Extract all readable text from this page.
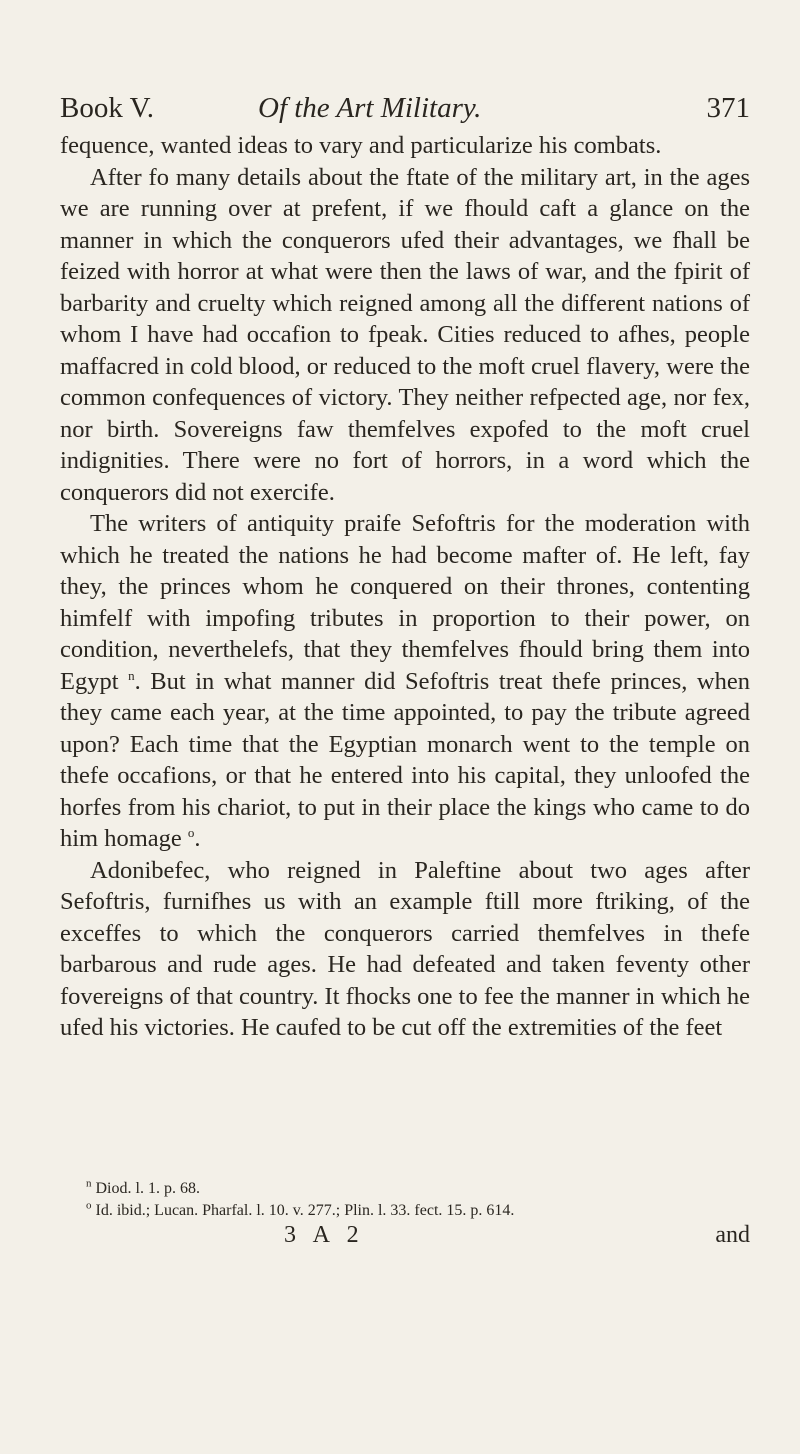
Book V.	Of the Art Military.	371

fequence, wanted ideas to vary and particularize his combats.

After fo many details about the ftate of the military art, in the ages we are running over at prefent, if we fhould caft a glance on the manner in which the conquerors ufed their advantages, we fhall be feized with horror at what were then the laws of war, and the fpirit of barbarity and cruelty which reigned among all the different nations of whom I have had occafion to fpeak. Cities reduced to afhes, people maffacred in cold blood, or reduced to the moft cruel flavery, were the common confequences of victory. They neither refpected age, nor fex, nor birth. Sovereigns faw themfelves expofed to the moft cruel indignities. There were no fort of horrors, in a word which the conquerors did not exercife.

The writers of antiquity praife Sefoftris for the moderation with which he treated the nations he had become mafter of. He left, fay they, the princes whom he conquered on their thrones, contenting himfelf with impofing tributes in proportion to their power, on condition, neverthelefs, that they themfelves fhould bring them into Egypt $^n$. But in what manner did Sefoftris treat thefe princes, when they came each year, at the time appointed, to pay the tribute agreed upon? Each time that the Egyptian monarch went to the temple on thefe occafions, or that he entered into his capital, they unloofed the horfes from his chariot, to put in their place the kings who came to do him homage $^o$.

Adonibefec, who reigned in Paleftine about two ages after Sefoftris, furnifhes us with an example ftill more ftriking, of the exceffes to which the conquerors carried themfelves in thefe barbarous and rude ages. He had defeated and taken feventy other fovereigns of that country. It fhocks one to fee the manner in which he ufed his victories. He caufed to be cut off the extremities of the feet

$^n$ Diod. l. 1. p. 68.

$^o$ Id. ibid.; Lucan. Pharfal. l. 10. v. 277.; Plin. l. 33. fect. 15. p. 614.

3 A 2	and
